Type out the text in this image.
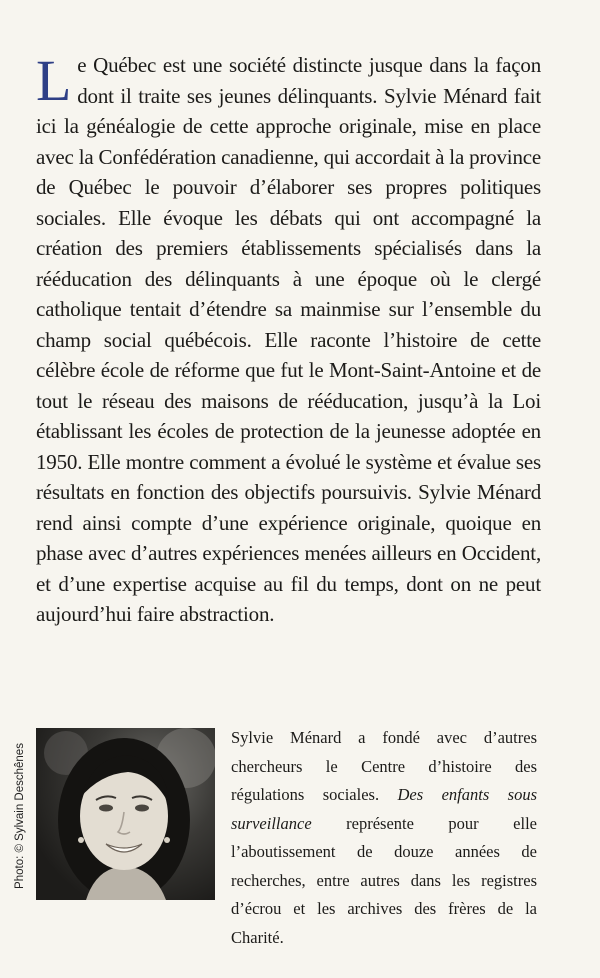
Le Québec est une société distincte jusque dans la façon dont il traite ses jeunes délinquants. Sylvie Ménard fait ici la généalogie de cette approche originale, mise en place avec la Confédération canadienne, qui accordait à la province de Québec le pouvoir d’élaborer ses propres politiques sociales. Elle évoque les débats qui ont accompagné la création des premiers établissements spécialisés dans la rééducation des délinquants à une époque où le clergé catholique tentait d’étendre sa mainmise sur l’ensemble du champ social québécois. Elle raconte l’histoire de cette célèbre école de réforme que fut le Mont-Saint-Antoine et de tout le réseau des maisons de rééducation, jusqu’à la Loi établissant les écoles de protection de la jeunesse adoptée en 1950. Elle montre comment a évolué le système et évalue ses résultats en fonction des objectifs poursuivis. Sylvie Ménard rend ainsi compte d’une expérience originale, quoique en phase avec d’autres expériences menées ailleurs en Occident, et d’une expertise acquise au fil du temps, dont on ne peut aujourd’hui faire abstraction.
Photo: © Sylvain Deschênes
Sylvie Ménard a fondé avec d’autres chercheurs le Centre d’histoire des régulations sociales. Des enfants sous surveillance représente pour elle l’aboutissement de douze années de recherches, entre autres dans les registres d’écrou et les archives des frères de la Charité.
